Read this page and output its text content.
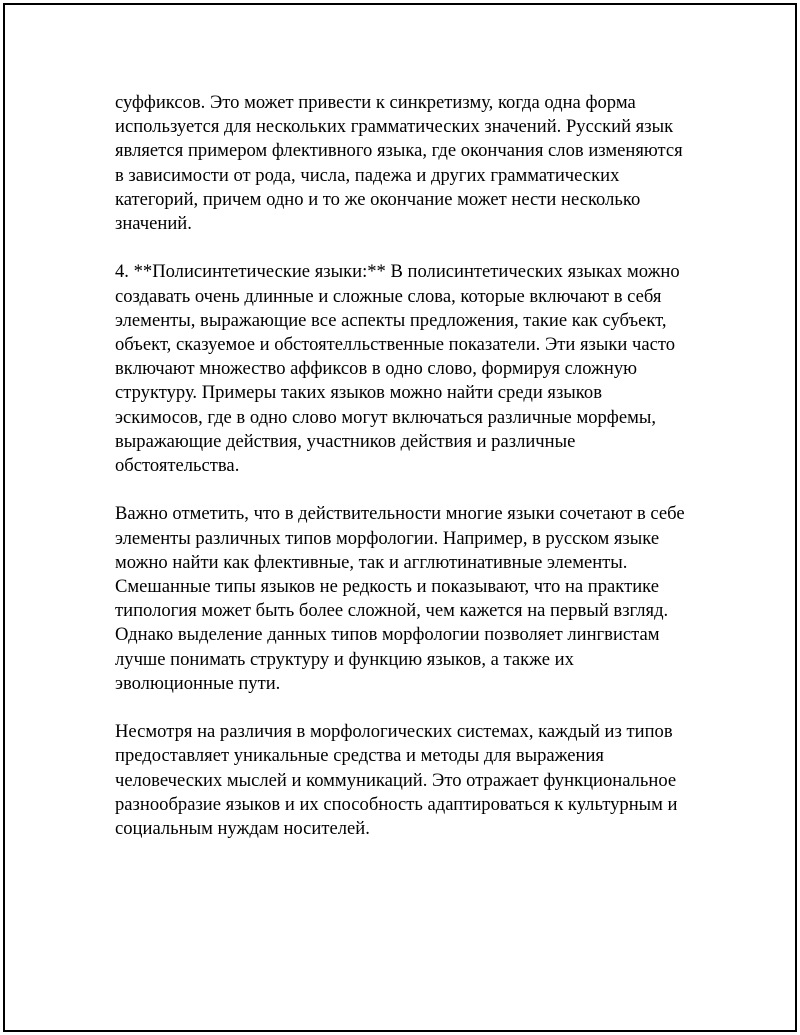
суффиксов. Это может привести к синкретизму, когда одна форма
используется для нескольких грамматических значений. Русский язык
является примером флективного языка, где окончания слов изменяются
в зависимости от рода, числа, падежа и других грамматических
категорий, причем одно и то же окончание может нести несколько
значений.

4. **Полисинтетические языки:** В полисинтетических языках можно
создавать очень длинные и сложные слова, которые включают в себя
элементы, выражающие все аспекты предложения, такие как субъект,
объект, сказуемое и обстоятелльственные показатели. Эти языки часто
включают множество аффиксов в одно слово, формируя сложную
структуру. Примеры таких языков можно найти среди языков
эскимосов, где в одно слово могут включаться различные морфемы,
выражающие действия, участников действия и различные
обстоятельства.

Важно отметить, что в действительности многие языки сочетают в себе
элементы различных типов морфологии. Например, в русском языке
можно найти как флективные, так и агглютинативные элементы.
Смешанные типы языков не редкость и показывают, что на практике
типология может быть более сложной, чем кажется на первый взгляд.
Однако выделение данных типов морфологии позволяет лингвистам
лучше понимать структуру и функцию языков, а также их
эволюционные пути.

Несмотря на различия в морфологических системах, каждый из типов
предоставляет уникальные средства и методы для выражения
человеческих мыслей и коммуникаций. Это отражает функциональное
разнообразие языков и их способность адаптироваться к культурным и
социальным нуждам носителей.
